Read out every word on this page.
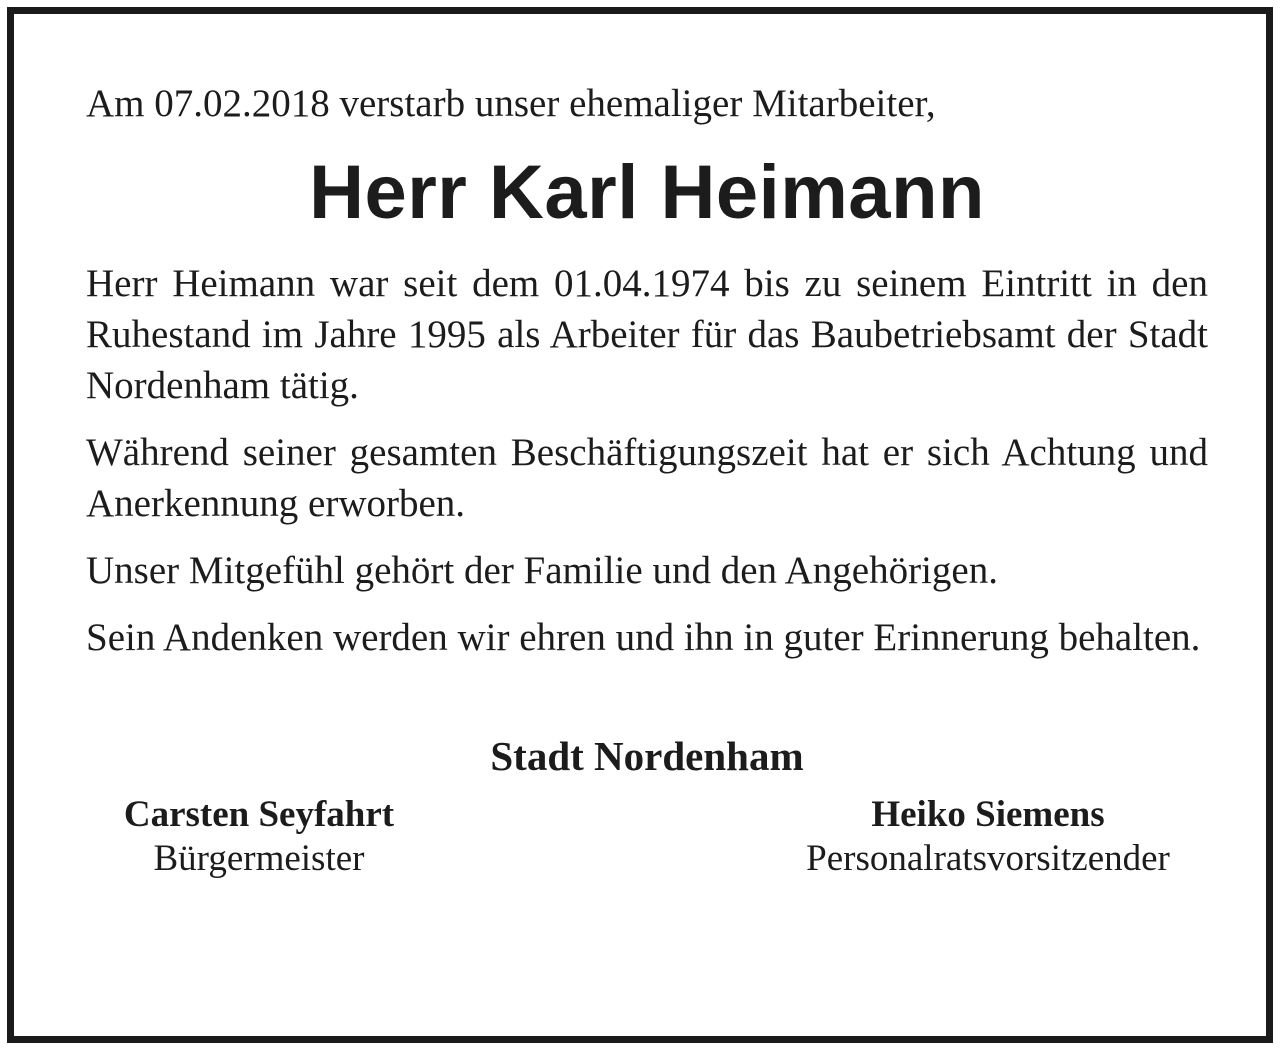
Am 07.02.2018 verstarb unser ehemaliger Mitarbeiter,

Herr Karl Heimann

Herr Heimann war seit dem 01.04.1974 bis zu seinem Eintritt in den Ruhestand im Jahre 1995 als Arbeiter für das Baubetriebsamt der Stadt Nordenham tätig.

Während seiner gesamten Beschäftigungszeit hat er sich Achtung und Anerkennung erworben.

Unser Mitgefühl gehört der Familie und den Angehörigen.

Sein Andenken werden wir ehren und ihn in guter Erinnerung behalten.

Stadt Nordenham
Carsten Seyfahrt
Bürgermeister
Heiko Siemens
Personalratsvorsitzender
